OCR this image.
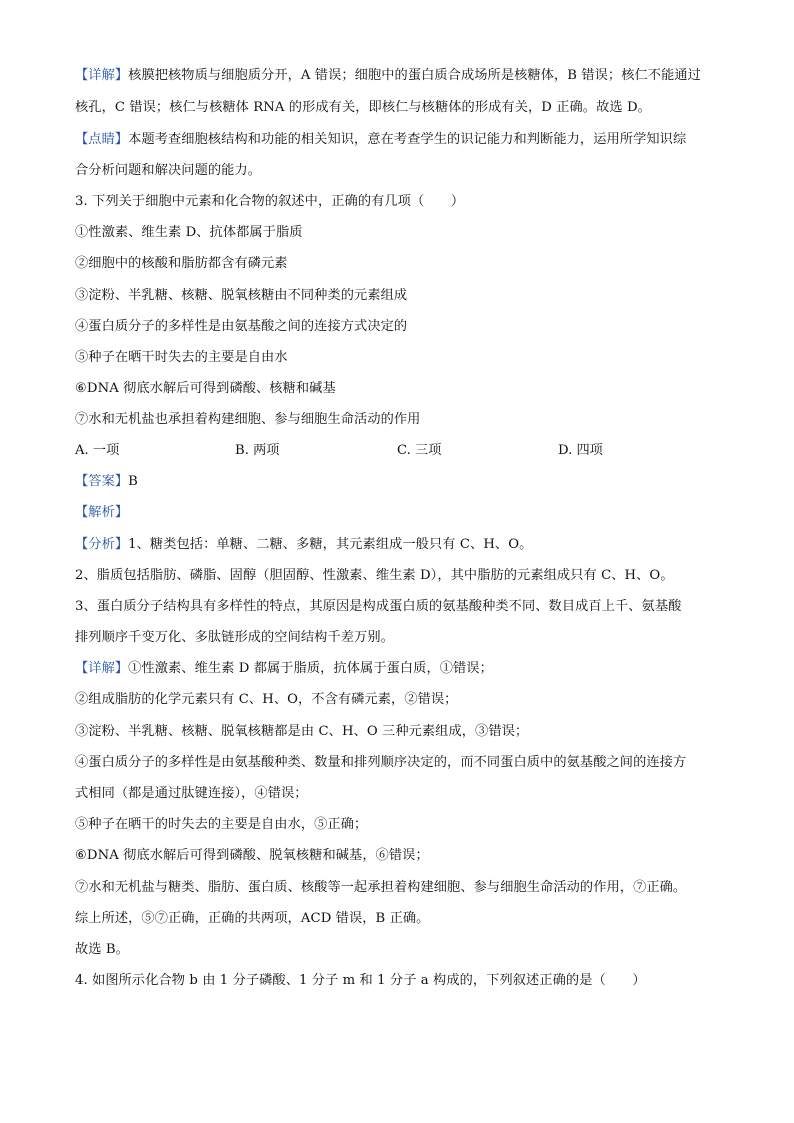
【详解】核膜把核物质与细胞质分开，A 错误；细胞中的蛋白质合成场所是核糖体，B 错误；核仁不能通过
核孔，C 错误；核仁与核糖体 RNA 的形成有关，即核仁与核糖体的形成有关，D 正确。故选 D。
【点睛】本题考查细胞核结构和功能的相关知识，意在考查学生的识记能力和判断能力，运用所学知识综
合分析问题和解决问题的能力。
3. 下列关于细胞中元素和化合物的叙述中，正确的有几项（　　）
①性激素、维生素 D、抗体都属于脂质
②细胞中的核酸和脂肪都含有磷元素
③淀粉、半乳糖、核糖、脱氧核糖由不同种类的元素组成
④蛋白质分子的多样性是由氨基酸之间的连接方式决定的
⑤种子在晒干时失去的主要是自由水
⑥DNA 彻底水解后可得到磷酸、核糖和碱基
⑦水和无机盐也承担着构建细胞、参与细胞生命活动的作用
A. 一项	B. 两项	C. 三项	D. 四项
【答案】B
【解析】
【分析】1、糖类包括：单糖、二糖、多糖，其元素组成一般只有 C、H、O。
2、脂质包括脂肪、磷脂、固醇（胆固醇、性激素、维生素 D），其中脂肪的元素组成只有 C、H、O。
3、蛋白质分子结构具有多样性的特点，其原因是构成蛋白质的氨基酸种类不同、数目成百上千、氨基酸
排列顺序千变万化、多肽链形成的空间结构千差万别。
【详解】①性激素、维生素 D 都属于脂质，抗体属于蛋白质，①错误；
②组成脂肪的化学元素只有 C、H、O，不含有磷元素，②错误；
③淀粉、半乳糖、核糖、脱氧核糖都是由 C、H、O 三种元素组成，③错误；
④蛋白质分子的多样性是由氨基酸种类、数量和排列顺序决定的，而不同蛋白质中的氨基酸之间的连接方
式相同（都是通过肽键连接），④错误；
⑤种子在晒干的时失去的主要是自由水，⑤正确；
⑥DNA 彻底水解后可得到磷酸、脱氧核糖和碱基，⑥错误；
⑦水和无机盐与糖类、脂肪、蛋白质、核酸等一起承担着构建细胞、参与细胞生命活动的作用，⑦正确。
综上所述，⑤⑦正确，正确的共两项，ACD 错误，B 正确。
故选 B。
4. 如图所示化合物 b 由 1 分子磷酸、1 分子 m 和 1 分子 a 构成的，下列叙述正确的是（　　）
